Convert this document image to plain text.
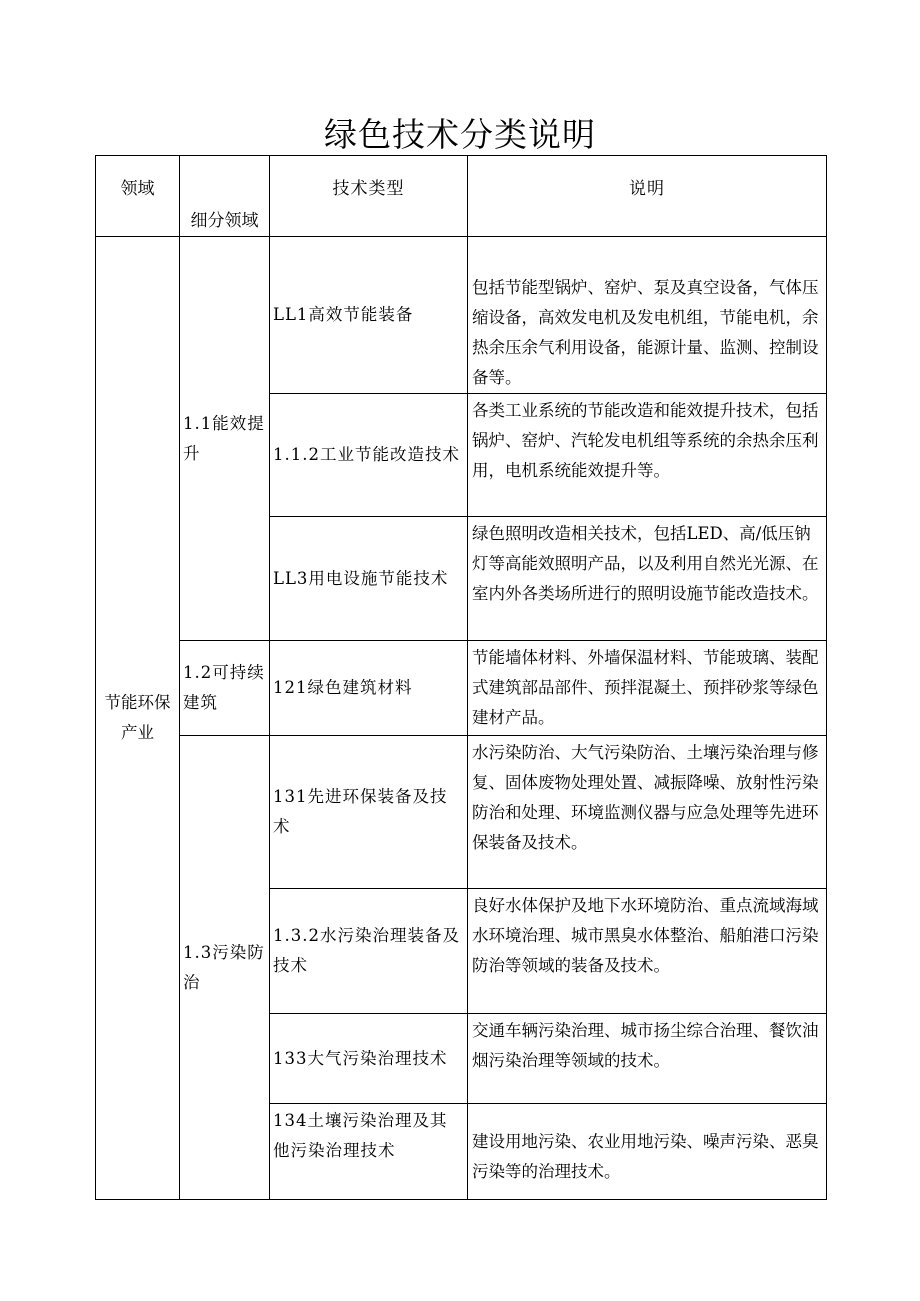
绿色技术分类说明
领域	细分领域	技术类型	说明
节能环保产业	1.1能效提升	LL1高效节能装备	包括节能型锅炉、窑炉、泵及真空设备，气体压缩设备，高效发电机及发电机组，节能电机，余热余压余气利用设备，能源计量、监测、控制设备等。
		1.1.2工业节能改造技术	各类工业系统的节能改造和能效提升技术，包括锅炉、窑炉、汽轮发电机组等系统的余热余压利用，电机系统能效提升等。
		LL3用电设施节能技术	绿色照明改造相关技术，包括LED、高/低压钠灯等高能效照明产品，以及利用自然光光源、在室内外各类场所进行的照明设施节能改造技术。
	1.2可持续建筑	121绿色建筑材料	节能墙体材料、外墙保温材料、节能玻璃、装配式建筑部品部件、预拌混凝土、预拌砂浆等绿色建材产品。
	1.3污染防治	131先进环保装备及技术	水污染防治、大气污染防治、土壤污染治理与修复、固体废物处理处置、减振降噪、放射性污染防治和处理、环境监测仪器与应急处理等先进环保装备及技术。
		1.3.2水污染治理装备及技术	良好水体保护及地下水环境防治、重点流域海域水环境治理、城市黑臭水体整治、船舶港口污染防治等领域的装备及技术。
		133大气污染治理技术	交通车辆污染治理、城市扬尘综合治理、餐饮油烟污染治理等领域的技术。
		134土壤污染治理及其他污染治理技术	建设用地污染、农业用地污染、噪声污染、恶臭污染等的治理技术。
